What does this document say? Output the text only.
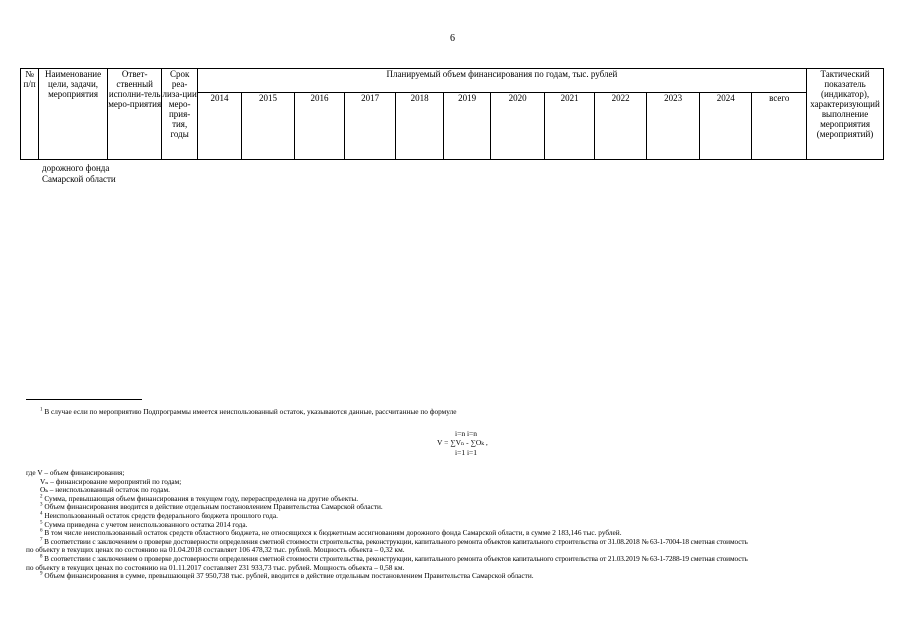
6
№ п/п	Наименование цели, задачи, мероприятия	Ответ-ственный исполни-тель меро-приятия	Срок реа-лиза-ции меро-прия-тия, годы	Планируемый объем финансирования по годам, тыс. рублей												Тактический показатель (индикатор), характеризующий выполнение мероприятия (мероприятий)
				2014	2015	2016	2017	2018	2019	2020	2021	2022	2023	2024	всего	
дорожного фонда
Самарской области
$^1$ В случае если по мероприятию Подпрограммы имеется неиспользованный остаток, указываются данные, рассчитанные по формуле
i=n i=n
V = ∑Vₙ - ∑Oₖ ,
i=1 i=1
где V – объем финансирования;
Vₙ – финансирование мероприятий по годам;
Oₖ – неиспользованный остаток по годам.
$^2$ Сумма, превышающая объем финансирования в текущем году, перераспределена на другие объекты.
$^3$ Объем финансирования вводится в действие отдельным постановлением Правительства Самарской области.
$^4$ Неиспользованный остаток средств федерального бюджета прошлого года.
$^5$ Сумма приведена с учетом неиспользованного остатка 2014 года.
$^6$ В том числе неиспользованный остаток средств областного бюджета, не относящихся к бюджетным ассигнованиям дорожного фонда Самарской области, в сумме 2 183,146 тыс. рублей.
$^7$ В соответствии с заключением о проверке достоверности определения сметной стоимости строительства, реконструкции, капитального ремонта объектов капитального строительства от 31.08.2018 № 63-1-7004-18 сметная стоимость
по объекту в текущих ценах по состоянию на 01.04.2018 составляет 106 478,32 тыс. рублей. Мощность объекта – 0,32 км.
$^8$ В соответствии с заключением о проверке достоверности определения сметной стоимости строительства, реконструкции, капитального ремонта объектов капитального строительства от 21.03.2019 № 63-1-7288-19 сметная стоимость
по объекту в текущих ценах по состоянию на 01.11.2017 составляет 231 933,73 тыс. рублей. Мощность объекта – 0,58 км.
$^9$ Объем финансирования в сумме, превышающей 37 950,738 тыс. рублей, вводится в действие отдельным постановлением Правительства Самарской области.
